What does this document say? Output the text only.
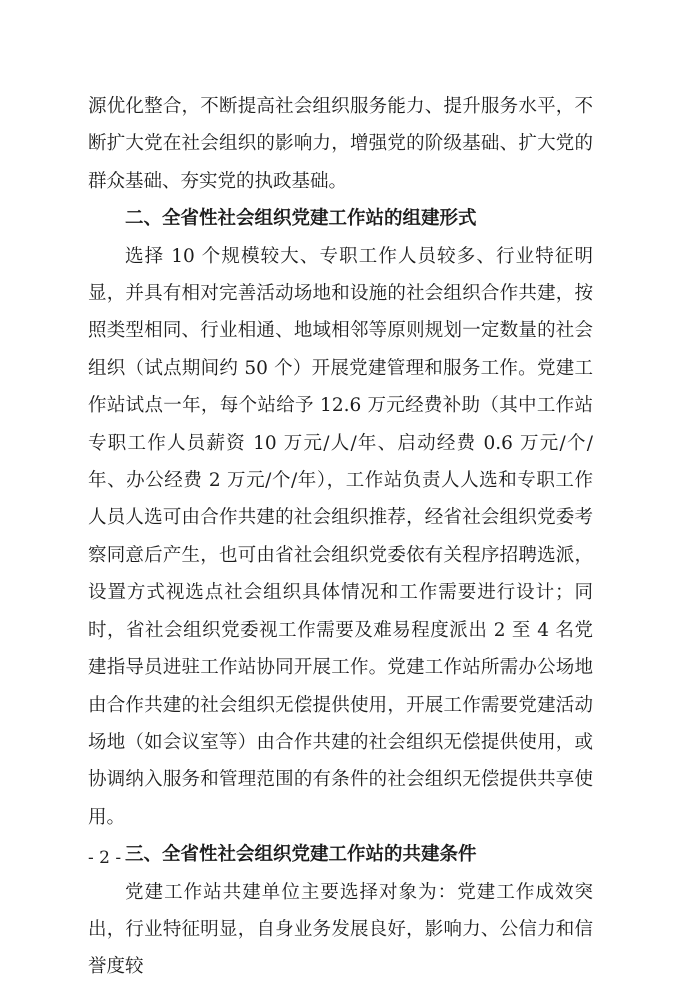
源优化整合，不断提高社会组织服务能力、提升服务水平，不断扩大党在社会组织的影响力，增强党的阶级基础、扩大党的群众基础、夯实党的执政基础。

二、全省性社会组织党建工作站的组建形式

选择 10 个规模较大、专职工作人员较多、行业特征明显，并具有相对完善活动场地和设施的社会组织合作共建，按照类型相同、行业相通、地域相邻等原则规划一定数量的社会组织（试点期间约 50 个）开展党建管理和服务工作。党建工作站试点一年，每个站给予 12.6 万元经费补助（其中工作站专职工作人员薪资 10 万元/人/年、启动经费 0.6 万元/个/年、办公经费 2 万元/个/年），工作站负责人人选和专职工作人员人选可由合作共建的社会组织推荐，经省社会组织党委考察同意后产生，也可由省社会组织党委依有关程序招聘选派，设置方式视选点社会组织具体情况和工作需要进行设计；同时，省社会组织党委视工作需要及难易程度派出 2 至 4 名党建指导员进驻工作站协同开展工作。党建工作站所需办公场地由合作共建的社会组织无偿提供使用，开展工作需要党建活动场地（如会议室等）由合作共建的社会组织无偿提供使用，或协调纳入服务和管理范围的有条件的社会组织无偿提供共享使用。

三、全省性社会组织党建工作站的共建条件

党建工作站共建单位主要选择对象为：党建工作成效突出，行业特征明显，自身业务发展良好，影响力、公信力和信誉度较

- 2 -
